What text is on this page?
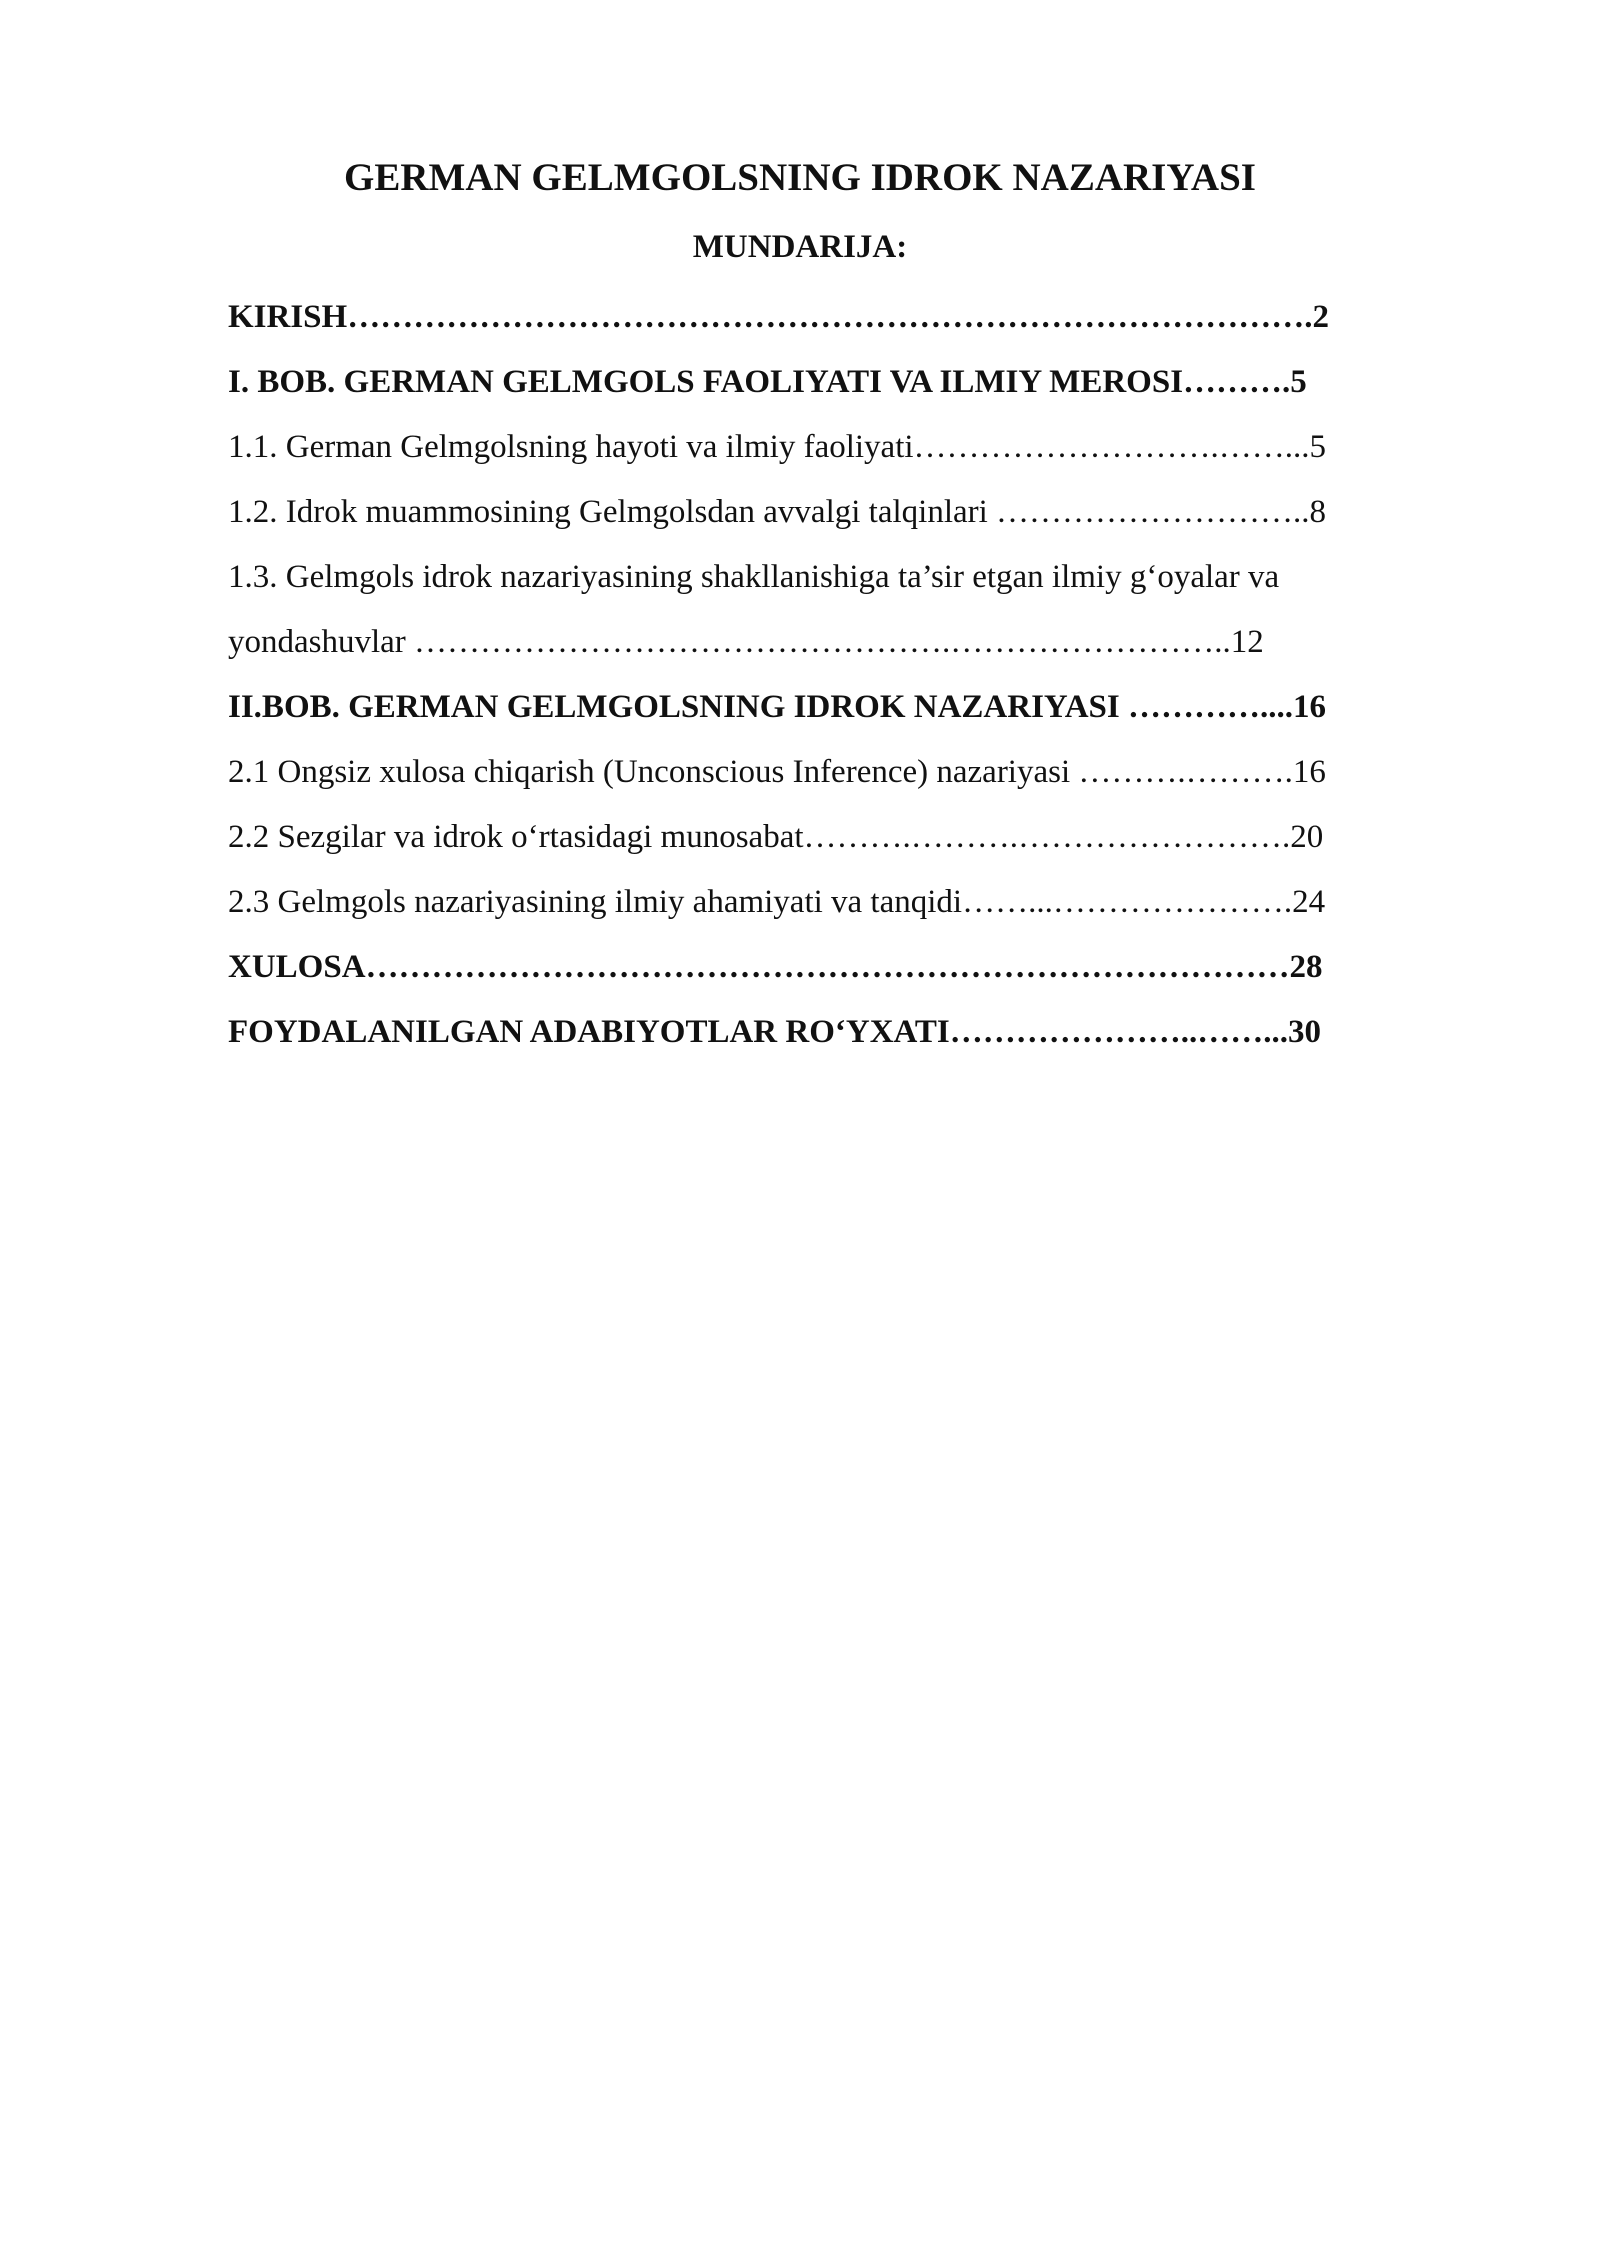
GERMAN GELMGOLSNING IDROK NAZARIYASI
MUNDARIJA:
KIRISH…………………………………………………………………………….2
I. BOB. GERMAN GELMGOLS FAOLIYATI VA ILMIY MEROSI……….5
1.1. German Gelmgolsning hayoti va ilmiy faoliyati……………………….……...5
1.2. Idrok muammosining Gelmgolsdan avvalgi talqinlari ………………………..8
1.3. Gelmgols idrok nazariyasining shakllanishiga ta’sir etgan ilmiy g‘oyalar va
yondashuvlar ………………………………………….……………………..12
II.BOB. GERMAN GELMGOLSNING IDROK NAZARIYASI …………....16
2.1 Ongsiz xulosa chiqarish (Unconscious Inference) nazariyasi ……….……….16
2.2 Sezgilar va idrok o‘rtasidagi munosabat……….……….…………………….20
2.3 Gelmgols nazariyasining ilmiy ahamiyati va tanqidi……...………………….24
XULOSA…………………………………………………………………………28
FOYDALANILGAN ADABIYOTLAR RO‘YXATI…………………..……...30
